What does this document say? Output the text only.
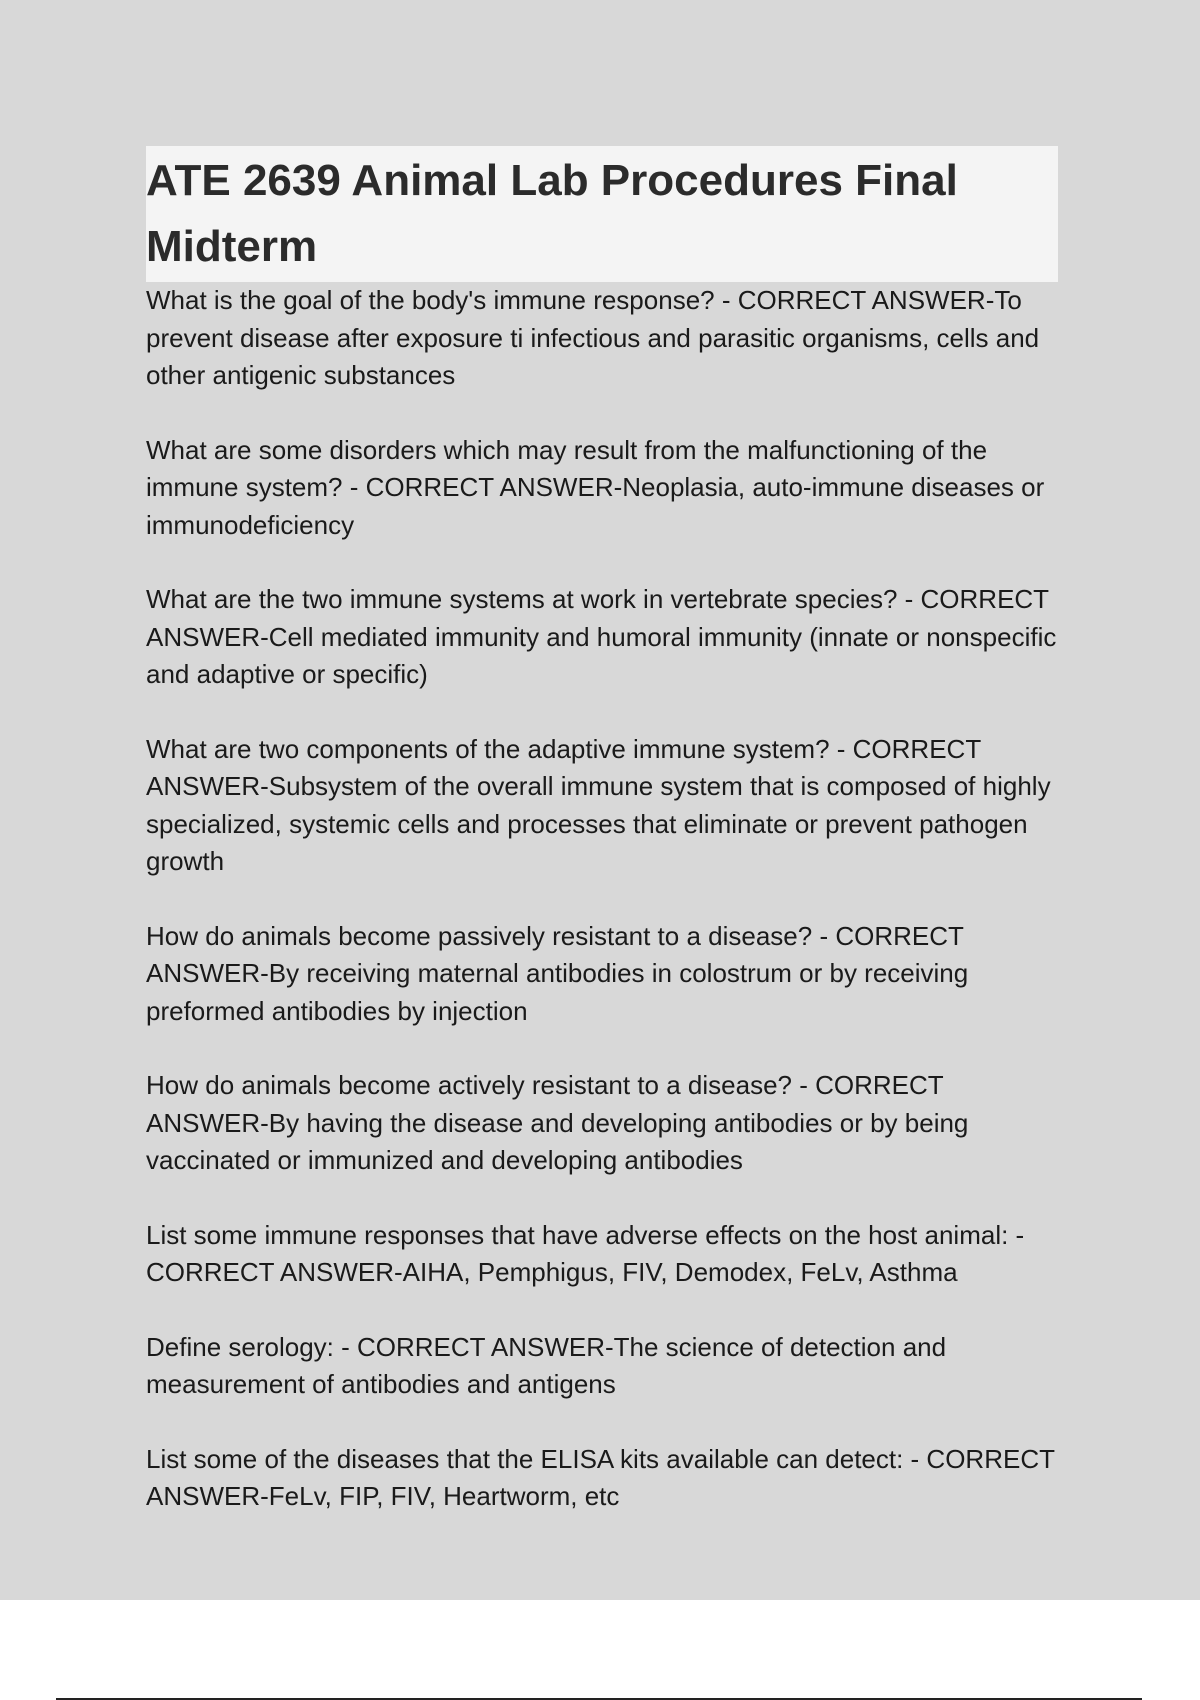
ATE 2639 Animal Lab Procedures Final Midterm
What is the goal of the body's immune response? - CORRECT ANSWER-To prevent disease after exposure ti infectious and parasitic organisms, cells and other antigenic substances
What are some disorders which may result from the malfunctioning of the immune system? - CORRECT ANSWER-Neoplasia, auto-immune diseases or immunodeficiency
What are the two immune systems at work in vertebrate species? - CORRECT ANSWER-Cell mediated immunity and humoral immunity (innate or nonspecific and adaptive or specific)
What are two components of the adaptive immune system? - CORRECT ANSWER-Subsystem of the overall immune system that is composed of highly specialized, systemic cells and processes that eliminate or prevent pathogen growth
How do animals become passively resistant to a disease? - CORRECT ANSWER-By receiving maternal antibodies in colostrum or by receiving preformed antibodies by injection
How do animals become actively resistant to a disease? - CORRECT ANSWER-By having the disease and developing antibodies or by being vaccinated or immunized and developing antibodies
List some immune responses that have adverse effects on the host animal: - CORRECT ANSWER-AIHA, Pemphigus, FIV, Demodex, FeLv, Asthma
Define serology: - CORRECT ANSWER-The science of detection and measurement of antibodies and antigens
List some of the diseases that the ELISA kits available can detect: - CORRECT ANSWER-FeLv, FIP, FIV, Heartworm, etc
